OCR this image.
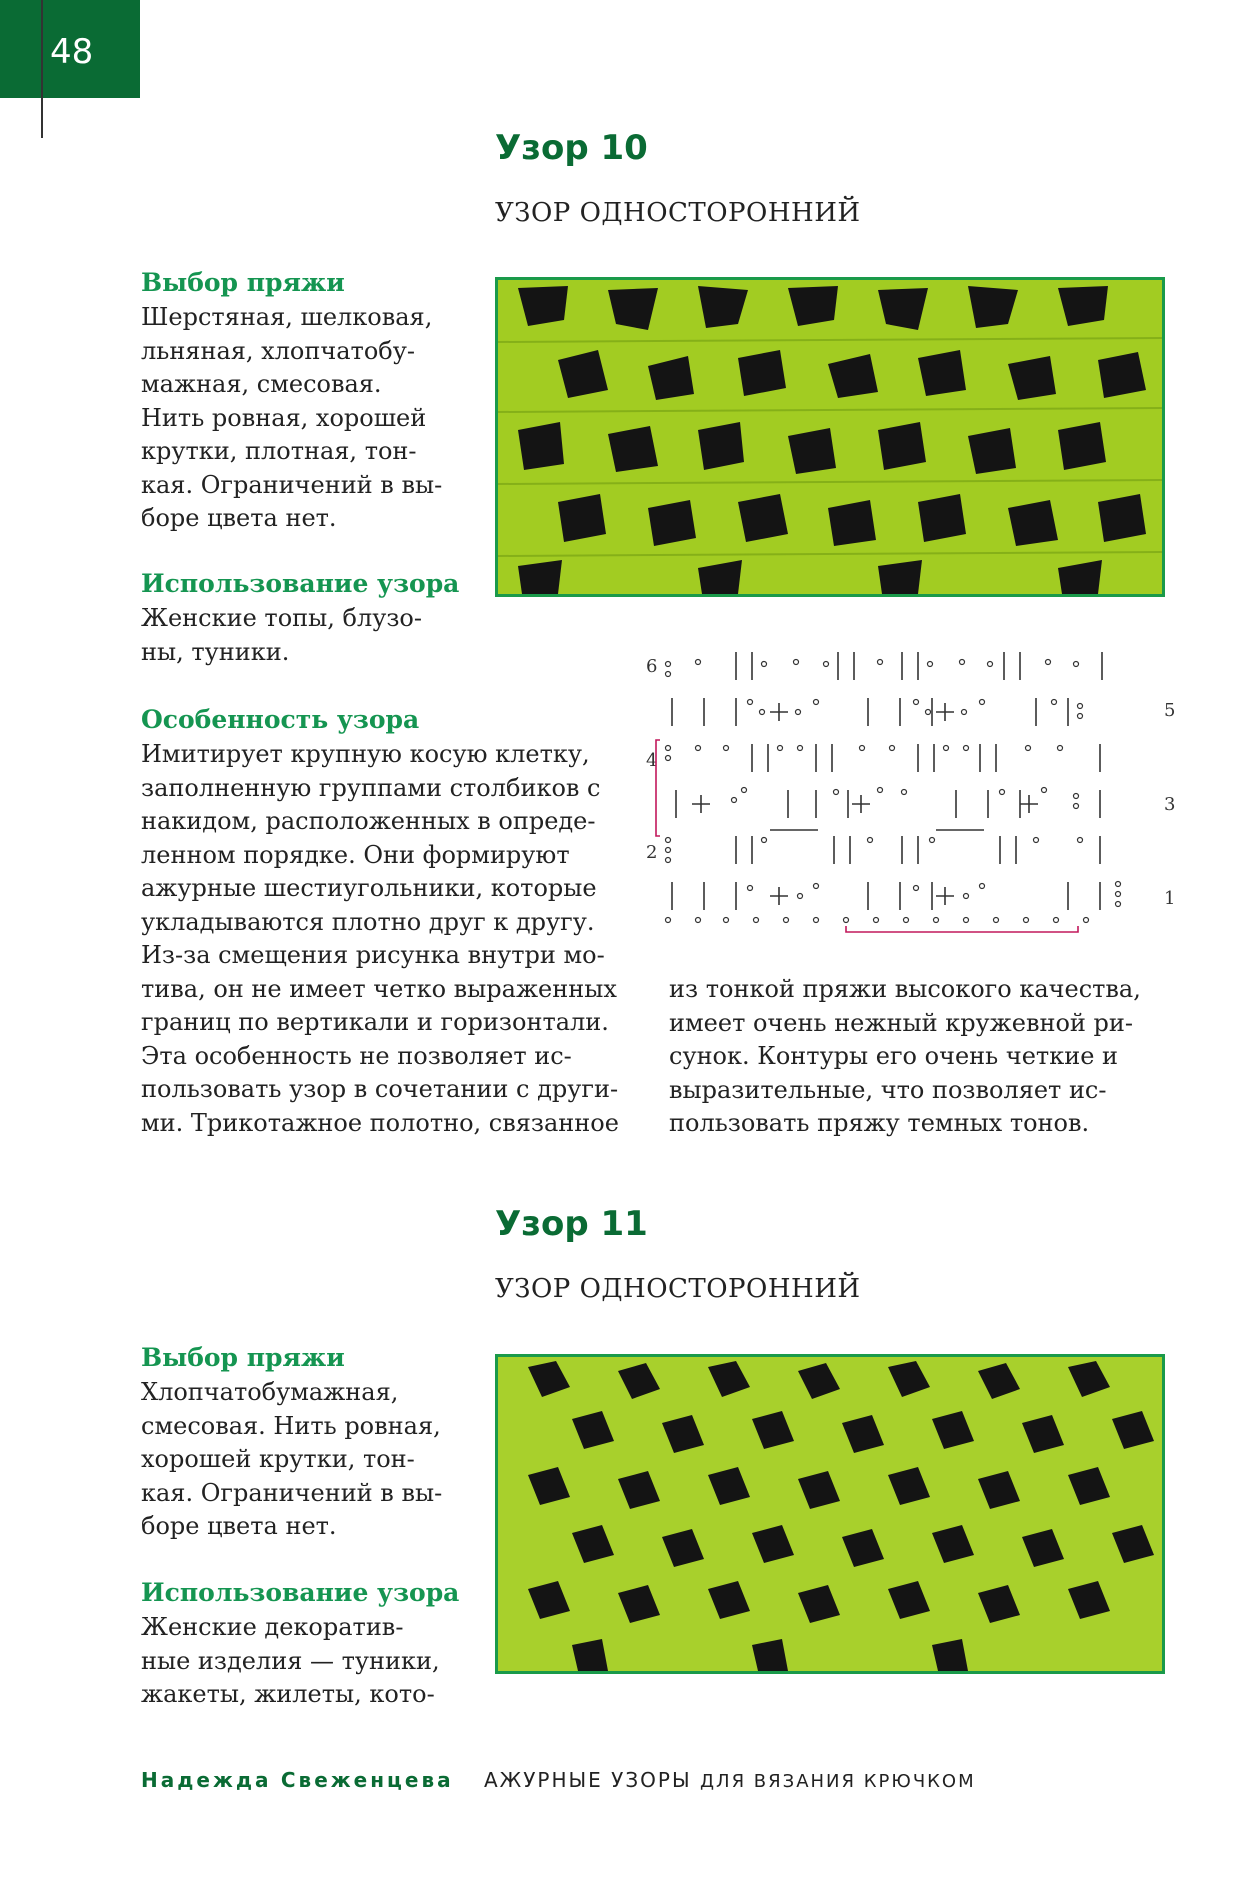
48
Узор 10
УЗОР ОДНОСТОРОННИЙ
Выбор пряжи
Шерстяная, шелковая,
льняная, хлопчатобу-
мажная, смесовая.
Нить ровная, хорошей
крутки, плотная, тон-
кая. Ограничений в вы-
боре цвета нет.
Использование узора
Женские топы, блузо-
ны, туники.
Особенность узора
Имитирует крупную косую клетку,
заполненную группами столбиков с
накидом, расположенных в опреде-
ленном порядке. Они формируют
ажурные шестиугольники, которые
укладываются плотно друг к другу.
Из-за смещения рисунка внутри мо-
тива, он не имеет четко выраженных
границ по вертикали и горизонтали.
Эта особенность не позволяет ис-
пользовать узор в сочетании с други-
ми. Трикотажное полотно, связанное
из тонкой пряжи высокого качества,
имеет очень нежный кружевной ри-
сунок. Контуры его очень четкие и
выразительные, что позволяет ис-
пользовать пряжу темных тонов.
6
4
2
5
3
1
Узор 11
УЗОР ОДНОСТОРОННИЙ
Выбор пряжи
Хлопчатобумажная,
смесовая. Нить ровная,
хорошей крутки, тон-
кая. Ограничений в вы-
боре цвета нет.
Использование узора
Женские декоратив-
ные изделия — туники,
жакеты, жилеты, кото-
Надежда Свеженцева АЖУРНЫЕ УЗОРЫ ДЛЯ ВЯЗАНИЯ КРЮЧКОМ
